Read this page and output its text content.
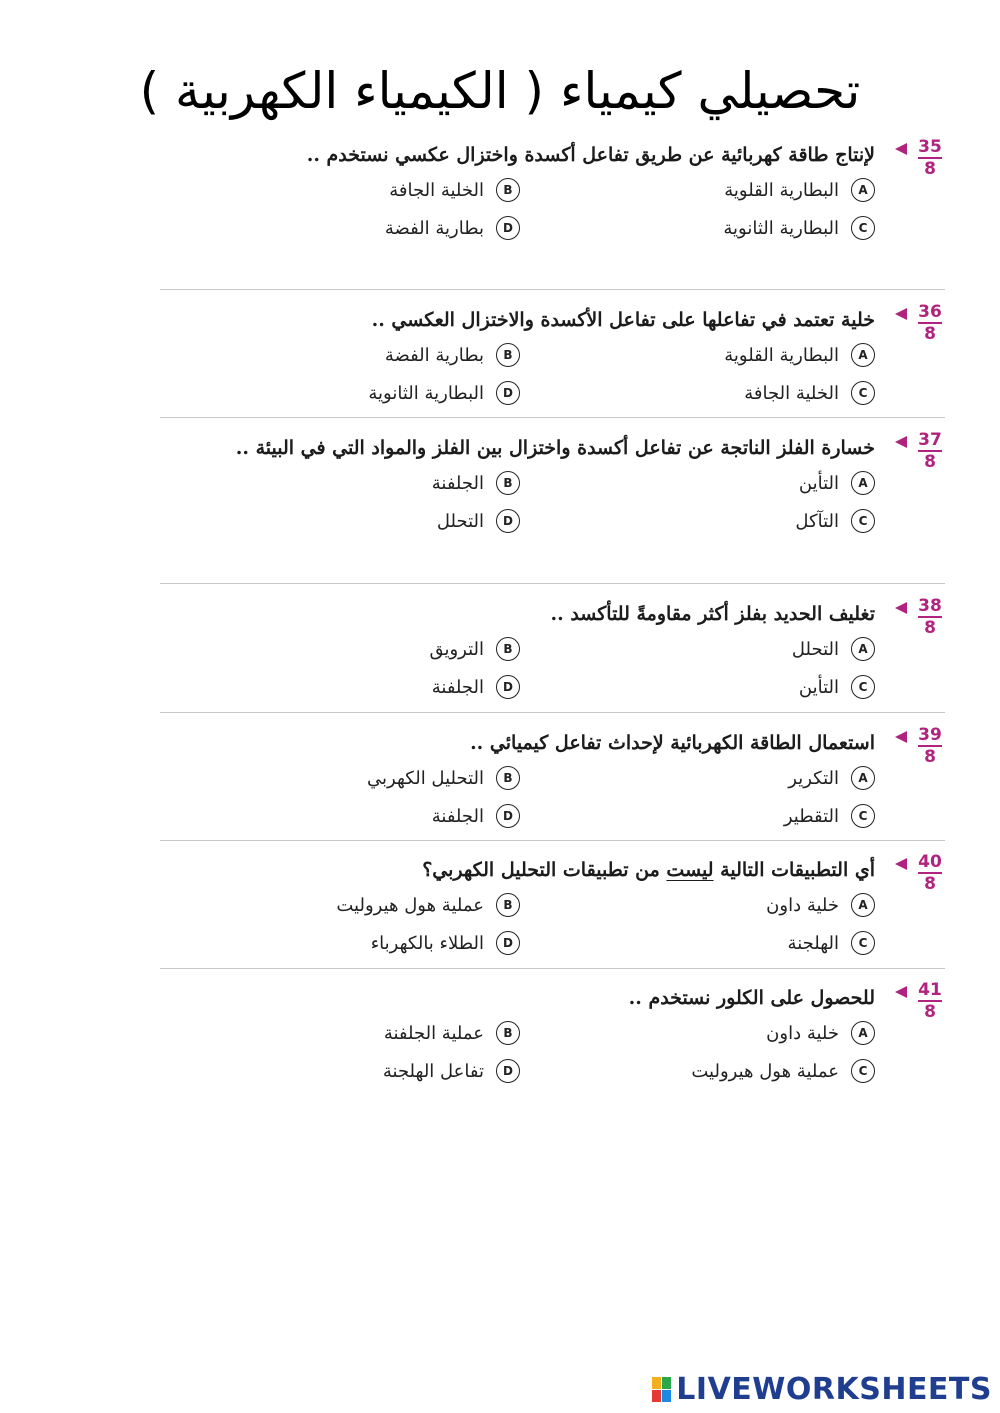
تحصيلي كيمياء ( الكيمياء الكهربية )
35
8
لإنتاج طاقة كهربائية عن طريق تفاعل أكسدة واختزال عكسي نستخدم ..
A
البطارية القلوية
B
الخلية الجافة
C
البطارية الثانوية
D
بطارية الفضة
36
8
خلية تعتمد في تفاعلها على تفاعل الأكسدة والاختزال العكسي ..
A
البطارية القلوية
B
بطارية الفضة
C
الخلية الجافة
D
البطارية الثانوية
37
8
خسارة الفلز الناتجة عن تفاعل أكسدة واختزال بين الفلز والمواد التي في البيئة ..
A
التأين
B
الجلفنة
C
التآكل
D
التحلل
38
8
تغليف الحديد بفلز أكثر مقاومةً للتأكسد ..
A
التحلل
B
الترويق
C
التأين
D
الجلفنة
39
8
استعمال الطاقة الكهربائية لإحداث تفاعل كيميائي ..
A
التكرير
B
التحليل الكهربي
C
التقطير
D
الجلفنة
40
8
أي التطبيقات التالية ليست من تطبيقات التحليل الكهربي؟
A
خلية داون
B
عملية هول هيروليت
C
الهلجنة
D
الطلاء بالكهرباء
41
8
للحصول على الكلور نستخدم ..
A
خلية داون
B
عملية الجلفنة
C
عملية هول هيروليت
D
تفاعل الهلجنة
LIVEWORKSHEETS
